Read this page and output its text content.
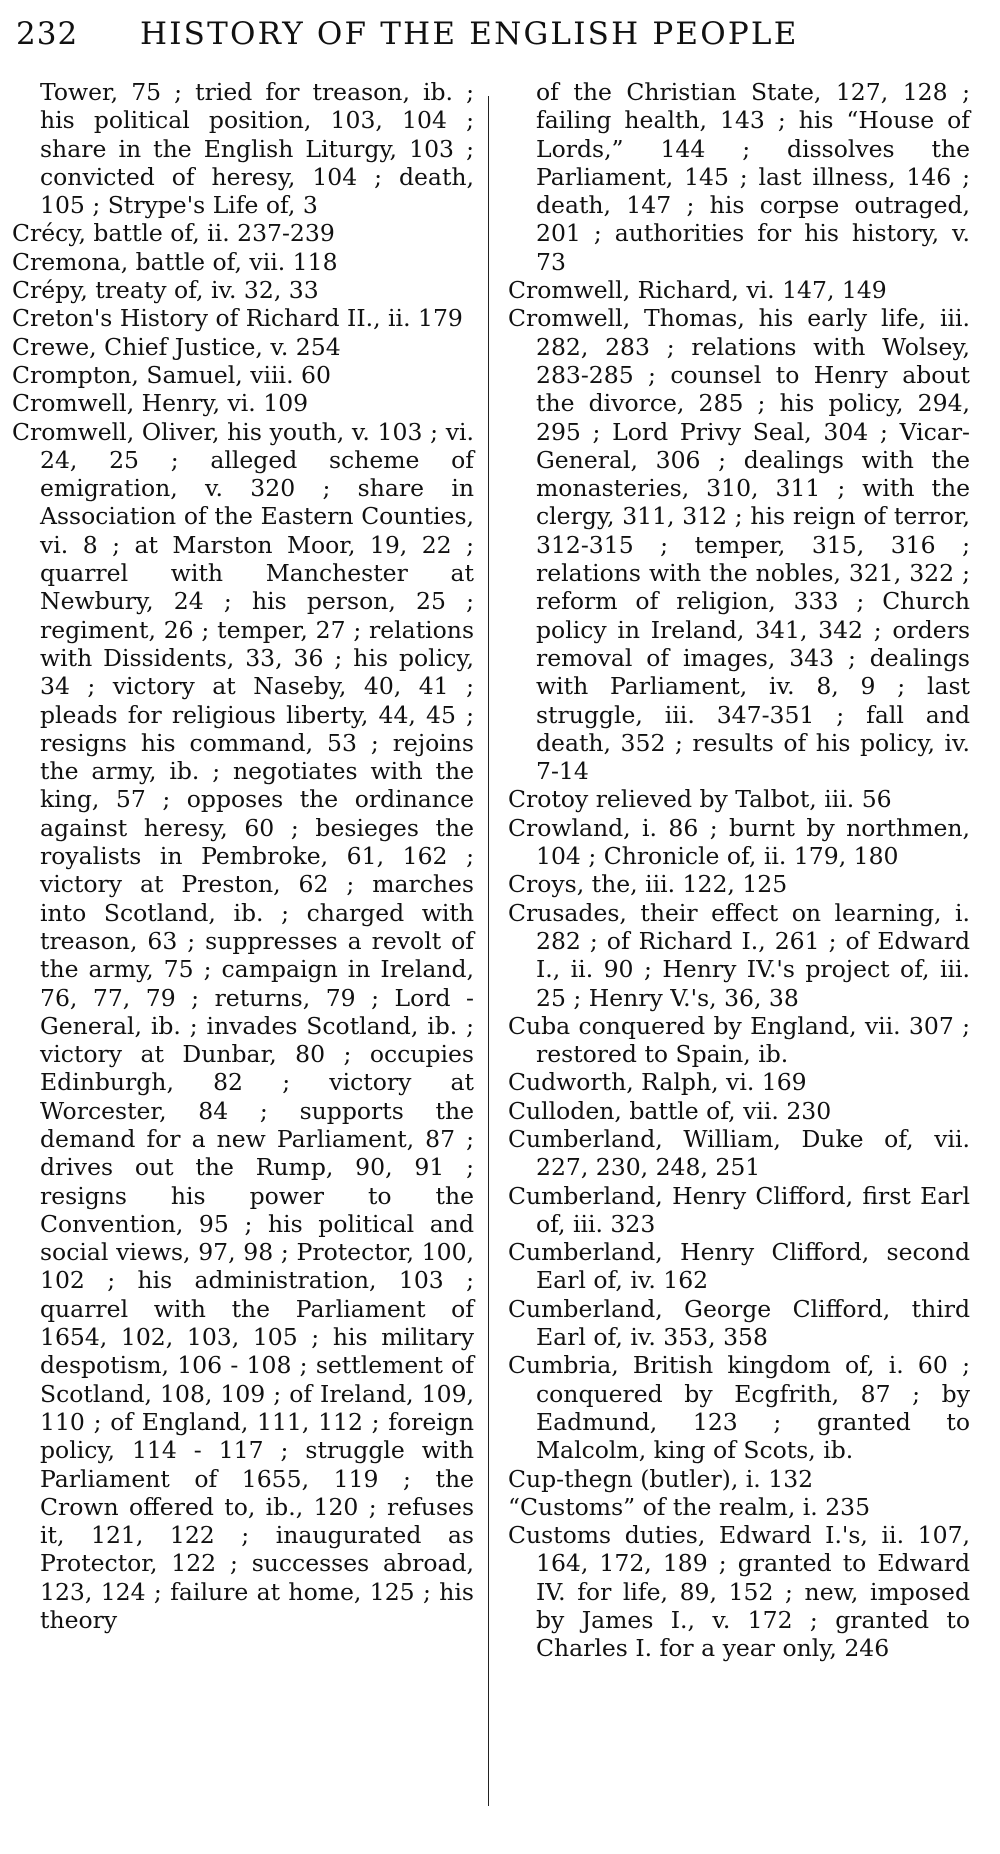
232 HISTORY OF THE ENGLISH PEOPLE

Tower, 75 ; tried for treason, ib. ; his political position, 103, 104 ; share in the English Liturgy, 103 ; convicted of heresy, 104 ; death, 105 ; Strype's Life of, 3

Crécy, battle of, ii. 237-239

Cremona, battle of, vii. 118

Crépy, treaty of, iv. 32, 33

Creton's History of Richard II., ii. 179

Crewe, Chief Justice, v. 254

Crompton, Samuel, viii. 60

Cromwell, Henry, vi. 109

Cromwell, Oliver, his youth, v. 103 ; vi. 24, 25 ; alleged scheme of emigration, v. 320 ; share in Association of the Eastern Counties, vi. 8 ; at Marston Moor, 19, 22 ; quarrel with Manchester at Newbury, 24 ; his person, 25 ; regiment, 26 ; temper, 27 ; relations with Dissidents, 33, 36 ; his policy, 34 ; victory at Naseby, 40, 41 ; pleads for religious liberty, 44, 45 ; resigns his command, 53 ; rejoins the army, ib. ; negotiates with the king, 57 ; opposes the ordinance against heresy, 60 ; besieges the royalists in Pembroke, 61, 162 ; victory at Preston, 62 ; marches into Scotland, ib. ; charged with treason, 63 ; suppresses a revolt of the army, 75 ; campaign in Ireland, 76, 77, 79 ; returns, 79 ; Lord - General, ib. ; invades Scotland, ib. ; victory at Dunbar, 80 ; occupies Edinburgh, 82 ; victory at Worcester, 84 ; supports the demand for a new Parliament, 87 ; drives out the Rump, 90, 91 ; resigns his power to the Convention, 95 ; his political and social views, 97, 98 ; Protector, 100, 102 ; his administration, 103 ; quarrel with the Parliament of 1654, 102, 103, 105 ; his military despotism, 106 - 108 ; settlement of Scotland, 108, 109 ; of Ireland, 109, 110 ; of England, 111, 112 ; foreign policy, 114 - 117 ; struggle with Parliament of 1655, 119 ; the Crown offered to, ib., 120 ; refuses it, 121, 122 ; inaugurated as Protector, 122 ; successes abroad, 123, 124 ; failure at home, 125 ; his theory

of the Christian State, 127, 128 ; failing health, 143 ; his “House of Lords,” 144 ; dissolves the Parliament, 145 ; last illness, 146 ; death, 147 ; his corpse outraged, 201 ; authorities for his history, v. 73

Cromwell, Richard, vi. 147, 149

Cromwell, Thomas, his early life, iii. 282, 283 ; relations with Wolsey, 283-285 ; counsel to Henry about the divorce, 285 ; his policy, 294, 295 ; Lord Privy Seal, 304 ; Vicar-General, 306 ; dealings with the monasteries, 310, 311 ; with the clergy, 311, 312 ; his reign of terror, 312-315 ; temper, 315, 316 ; relations with the nobles, 321, 322 ; reform of religion, 333 ; Church policy in Ireland, 341, 342 ; orders removal of images, 343 ; dealings with Parliament, iv. 8, 9 ; last struggle, iii. 347-351 ; fall and death, 352 ; results of his policy, iv. 7-14

Crotoy relieved by Talbot, iii. 56

Crowland, i. 86 ; burnt by northmen, 104 ; Chronicle of, ii. 179, 180

Croys, the, iii. 122, 125

Crusades, their effect on learning, i. 282 ; of Richard I., 261 ; of Edward I., ii. 90 ; Henry IV.'s project of, iii. 25 ; Henry V.'s, 36, 38

Cuba conquered by England, vii. 307 ; restored to Spain, ib.

Cudworth, Ralph, vi. 169

Culloden, battle of, vii. 230

Cumberland, William, Duke of, vii. 227, 230, 248, 251

Cumberland, Henry Clifford, first Earl of, iii. 323

Cumberland, Henry Clifford, second Earl of, iv. 162

Cumberland, George Clifford, third Earl of, iv. 353, 358

Cumbria, British kingdom of, i. 60 ; conquered by Ecgfrith, 87 ; by Eadmund, 123 ; granted to Malcolm, king of Scots, ib.

Cup-thegn (butler), i. 132

“Customs” of the realm, i. 235

Customs duties, Edward I.'s, ii. 107, 164, 172, 189 ; granted to Edward IV. for life, 89, 152 ; new, imposed by James I., v. 172 ; granted to Charles I. for a year only, 246
